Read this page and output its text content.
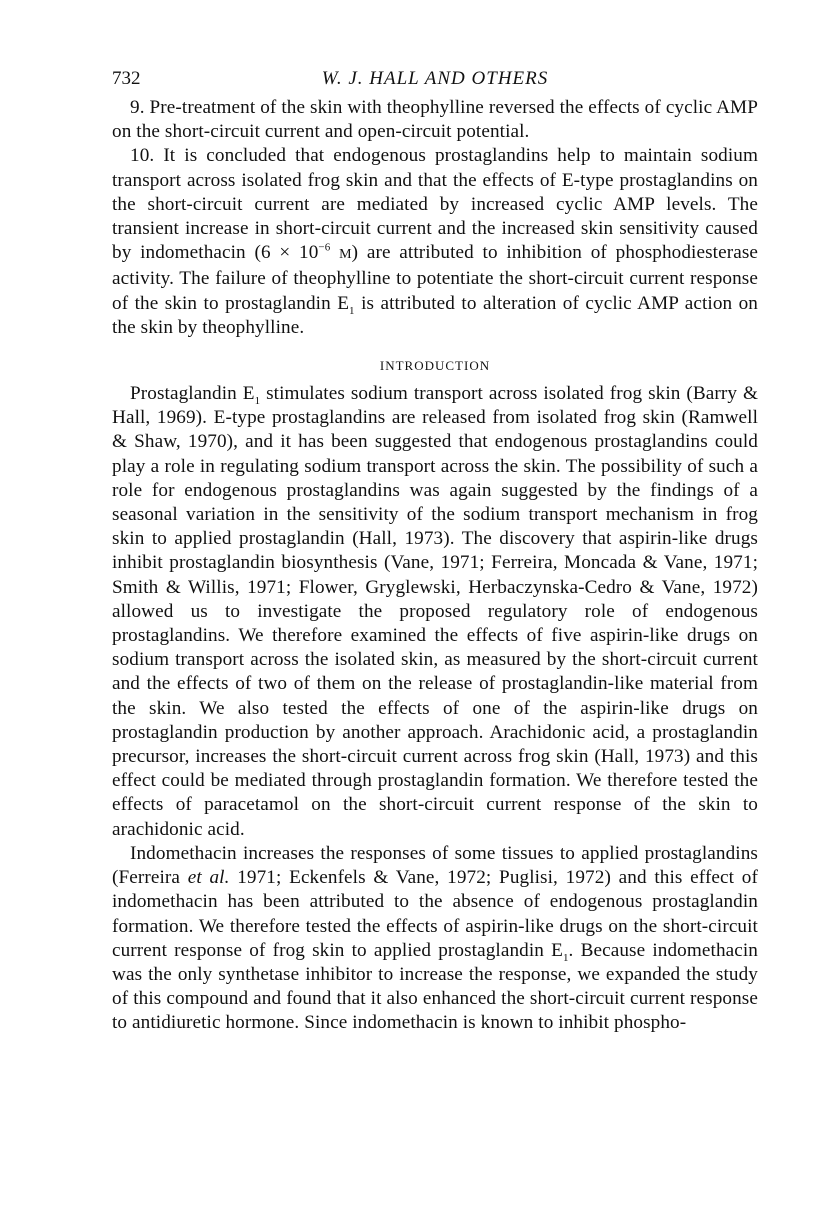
732	W. J. HALL AND OTHERS

9. Pre-treatment of the skin with theophylline reversed the effects of cyclic AMP on the short-circuit current and open-circuit potential.

10. It is concluded that endogenous prostaglandins help to maintain sodium transport across isolated frog skin and that the effects of E-type prostaglandins on the short-circuit current are mediated by increased cyclic AMP levels. The transient increase in short-circuit current and the increased skin sensitivity caused by indomethacin ($6 \times 10^{-6}$ M) are attributed to inhibition of phosphodiesterase activity. The failure of theophylline to potentiate the short-circuit current response of the skin to prostaglandin $E_1$ is attributed to alteration of cyclic AMP action on the skin by theophylline.

INTRODUCTION

Prostaglandin $E_1$ stimulates sodium transport across isolated frog skin (Barry & Hall, 1969). E-type prostaglandins are released from isolated frog skin (Ramwell & Shaw, 1970), and it has been suggested that endogenous prostaglandins could play a role in regulating sodium transport across the skin. The possibility of such a role for endogenous prostaglandins was again suggested by the findings of a seasonal variation in the sensitivity of the sodium transport mechanism in frog skin to applied prostaglandin (Hall, 1973). The discovery that aspirin-like drugs inhibit prostaglandin biosynthesis (Vane, 1971; Ferreira, Moncada & Vane, 1971; Smith & Willis, 1971; Flower, Gryglewski, Herbaczynska-Cedro & Vane, 1972) allowed us to investigate the proposed regulatory role of endogenous prostaglandins. We therefore examined the effects of five aspirin-like drugs on sodium transport across the isolated skin, as measured by the short-circuit current and the effects of two of them on the release of prostaglandin-like material from the skin. We also tested the effects of one of the aspirin-like drugs on prostaglandin production by another approach. Arachidonic acid, a prostaglandin precursor, increases the short-circuit current across frog skin (Hall, 1973) and this effect could be mediated through prostaglandin formation. We therefore tested the effects of paracetamol on the short-circuit current response of the skin to arachidonic acid.

Indomethacin increases the responses of some tissues to applied prostaglandins (Ferreira et al. 1971; Eckenfels & Vane, 1972; Puglisi, 1972) and this effect of indomethacin has been attributed to the absence of endogenous prostaglandin formation. We therefore tested the effects of aspirin-like drugs on the short-circuit current response of frog skin to applied prostaglandin $E_1$. Because indomethacin was the only synthetase inhibitor to increase the response, we expanded the study of this compound and found that it also enhanced the short-circuit current response to antidiuretic hormone. Since indomethacin is known to inhibit phospho-
